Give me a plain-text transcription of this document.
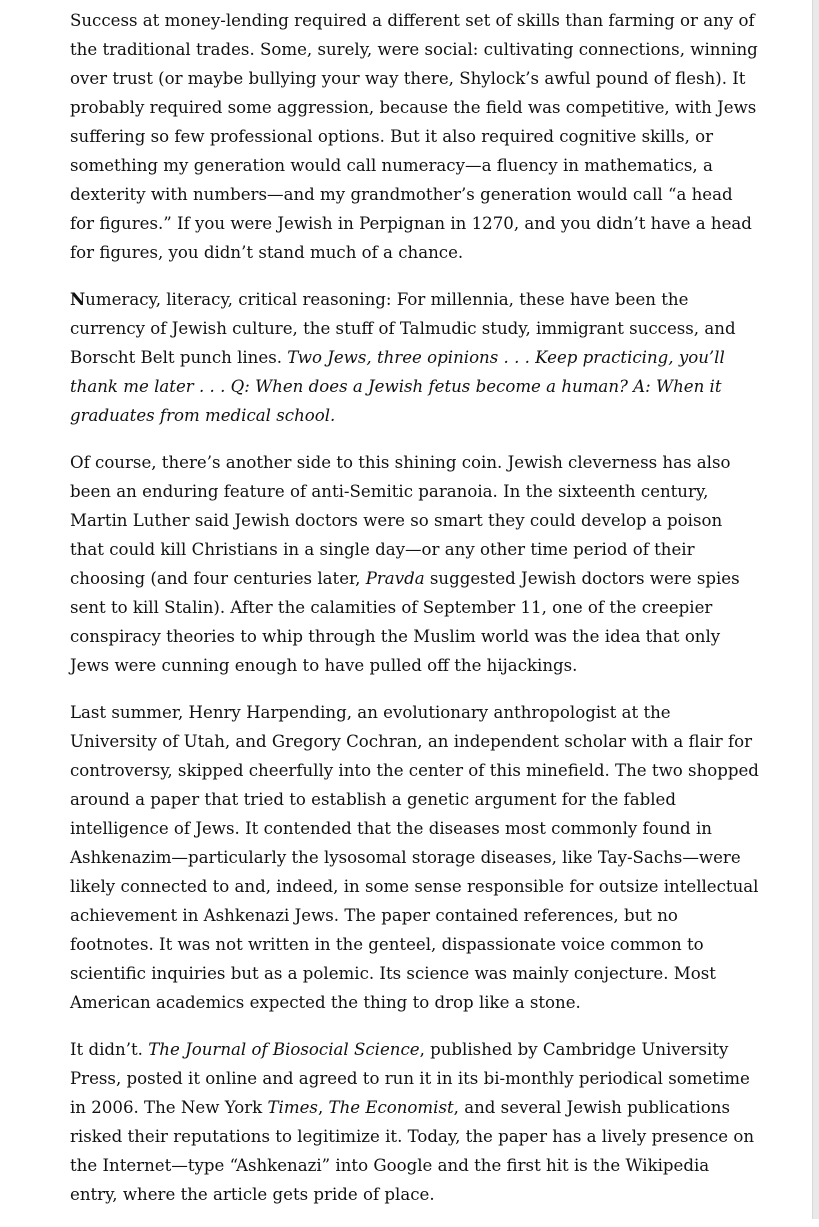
Success at money-lending required a different set of skills than farming or any of the traditional trades. Some, surely, were social: cultivating connections, winning over trust (or maybe bullying your way there, Shylock’s awful pound of flesh). It probably required some aggression, because the field was competitive, with Jews suffering so few professional options. But it also required cognitive skills, or something my generation would call numeracy—a fluency in mathematics, a dexterity with numbers—and my grandmother’s generation would call “a head for figures.” If you were Jewish in Perpignan in 1270, and you didn’t have a head for figures, you didn’t stand much of a chance.

Numeracy, literacy, critical reasoning: For millennia, these have been the currency of Jewish culture, the stuff of Talmudic study, immigrant success, and Borscht Belt punch lines. Two Jews, three opinions . . . Keep practicing, you’ll thank me later . . . Q: When does a Jewish fetus become a human? A: When it graduates from medical school.

Of course, there’s another side to this shining coin. Jewish cleverness has also been an enduring feature of anti-Semitic paranoia. In the sixteenth century, Martin Luther said Jewish doctors were so smart they could develop a poison that could kill Christians in a single day—or any other time period of their choosing (and four centuries later, Pravda suggested Jewish doctors were spies sent to kill Stalin). After the calamities of September 11, one of the creepier conspiracy theories to whip through the Muslim world was the idea that only Jews were cunning enough to have pulled off the hijackings.

Last summer, Henry Harpending, an evolutionary anthropologist at the University of Utah, and Gregory Cochran, an independent scholar with a flair for controversy, skipped cheerfully into the center of this minefield. The two shopped around a paper that tried to establish a genetic argument for the fabled intelligence of Jews. It contended that the diseases most commonly found in Ashkenazim—particularly the lysosomal storage diseases, like Tay-Sachs—were likely connected to and, indeed, in some sense responsible for outsize intellectual achievement in Ashkenazi Jews. The paper contained references, but no footnotes. It was not written in the genteel, dispassionate voice common to scientific inquiries but as a polemic. Its science was mainly conjecture. Most American academics expected the thing to drop like a stone.

It didn’t. The Journal of Biosocial Science, published by Cambridge University Press, posted it online and agreed to run it in its bi-monthly periodical sometime in 2006. The New York Times, The Economist, and several Jewish publications risked their reputations to legitimize it. Today, the paper has a lively presence on the Internet—type “Ashkenazi” into Google and the first hit is the Wikipedia entry, where the article gets pride of place.
